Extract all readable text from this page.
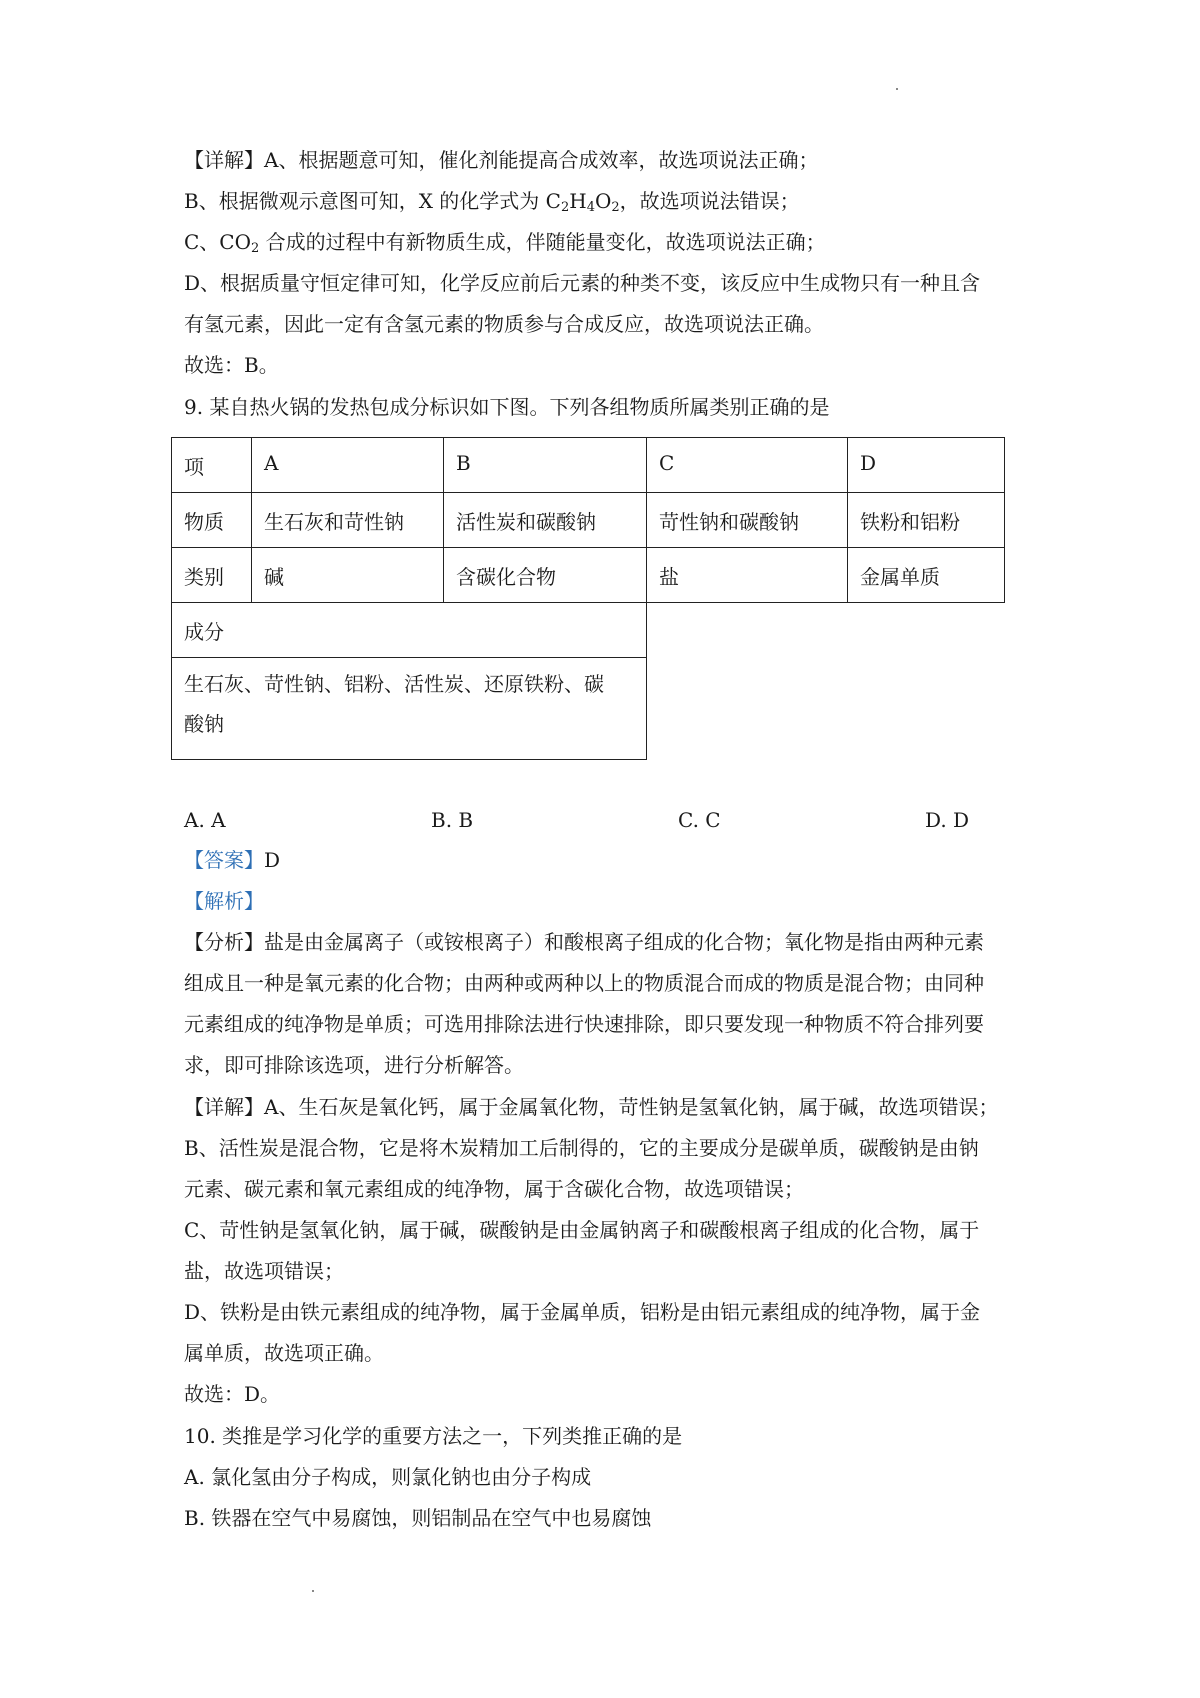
【详解】A、根据题意可知，催化剂能提高合成效率，故选项说法正确；
B、根据微观示意图可知，X 的化学式为 $C_2H_4O_2$，故选项说法错误；
C、$CO_2$ 合成的过程中有新物质生成，伴随能量变化，故选项说法正确；
D、根据质量守恒定律可知，化学反应前后元素的种类不变，该反应中生成物只有一种且含
有氢元素，因此一定有含氢元素的物质参与合成反应，故选项说法正确。
故选：B。
9. 某自热火锅的发热包成分标识如下图。下列各组物质所属类别正确的是
项	A	B	C	D
物质	生石灰和苛性钠	活性炭和碳酸钠	苛性钠和碳酸钠	铁粉和铝粉
类别	碱	含碳化合物	盐	金属单质
成分				

生石灰、苛性钠、铝粉、活性炭、还原铁粉、碳
酸钠				

A. A	B. B	C. C	D. D
【答案】D
【解析】
【分析】盐是由金属离子（或铵根离子）和酸根离子组成的化合物；氧化物是指由两种元素
组成且一种是氧元素的化合物；由两种或两种以上的物质混合而成的物质是混合物；由同种
元素组成的纯净物是单质；可选用排除法进行快速排除，即只要发现一种物质不符合排列要
求，即可排除该选项，进行分析解答。
【详解】A、生石灰是氧化钙，属于金属氧化物，苛性钠是氢氧化钠，属于碱，故选项错误；
B、活性炭是混合物，它是将木炭精加工后制得的，它的主要成分是碳单质，碳酸钠是由钠
元素、碳元素和氧元素组成的纯净物，属于含碳化合物，故选项错误；
C、苛性钠是氢氧化钠，属于碱，碳酸钠是由金属钠离子和碳酸根离子组成的化合物，属于
盐，故选项错误；
D、铁粉是由铁元素组成的纯净物，属于金属单质，铝粉是由铝元素组成的纯净物，属于金
属单质，故选项正确。
故选：D。
10. 类推是学习化学的重要方法之一，下列类推正确的是
A. 氯化氢由分子构成，则氯化钠也由分子构成
B. 铁器在空气中易腐蚀，则铝制品在空气中也易腐蚀
